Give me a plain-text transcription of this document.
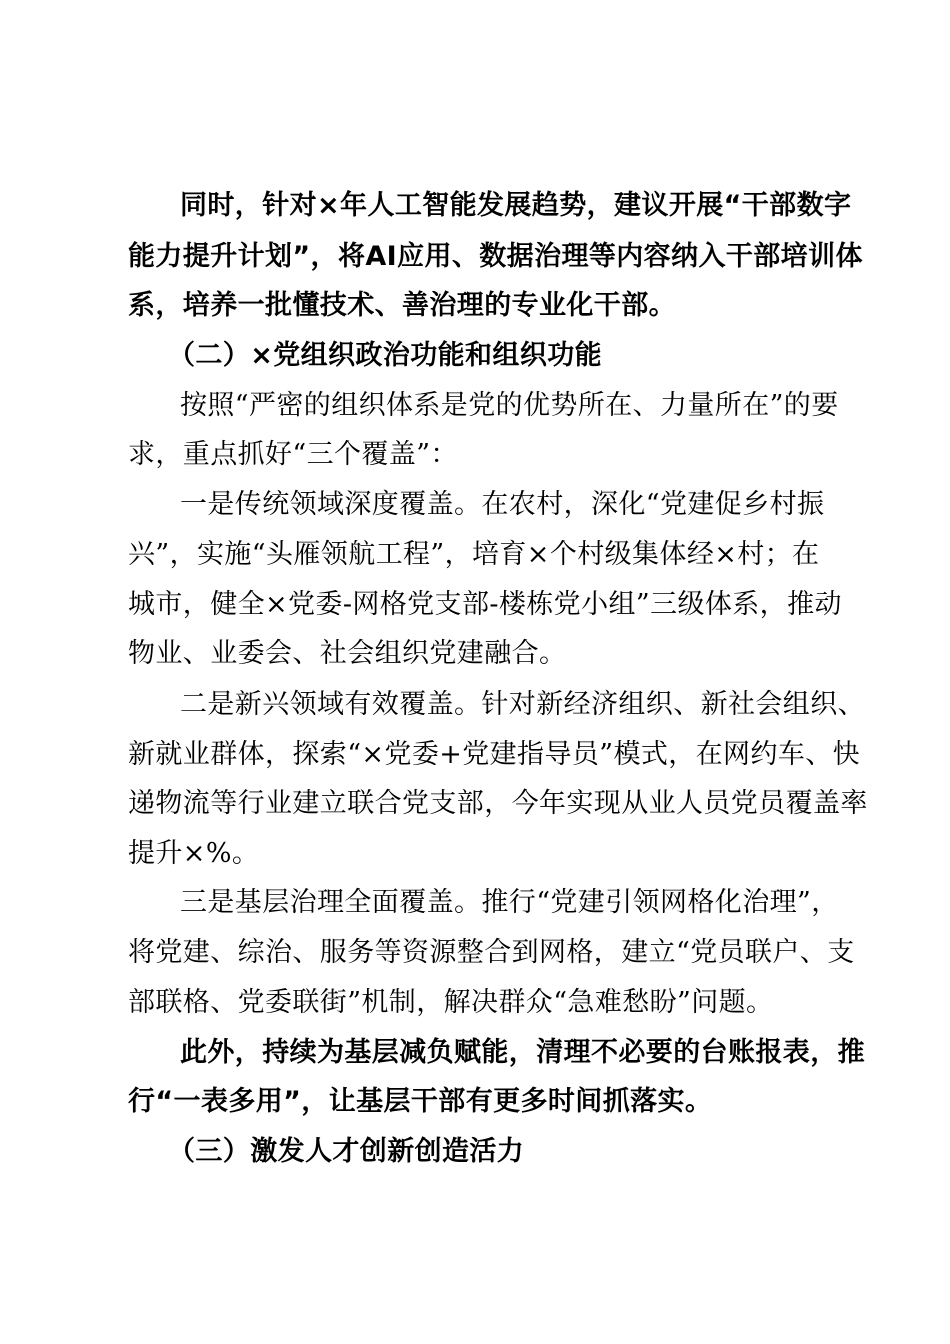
同时，针对×年人工智能发展趋势，建议开展“干部数字
能力提升计划”，将AI应用、数据治理等内容纳入干部培训体
系，培养一批懂技术、善治理的专业化干部。
（二）×党组织政治功能和组织功能
按照“严密的组织体系是党的优势所在、力量所在”的要
求，重点抓好“三个覆盖”：
一是传统领域深度覆盖。在农村，深化“党建促乡村振
兴”，实施“头雁领航工程”，培育×个村级集体经×村；在
城市，健全×党委-网格党支部-楼栋党小组”三级体系，推动
物业、业委会、社会组织党建融合。
二是新兴领域有效覆盖。针对新经济组织、新社会组织、
新就业群体，探索“×党委+党建指导员”模式，在网约车、快
递物流等行业建立联合党支部，今年实现从业人员党员覆盖率
提升×%。
三是基层治理全面覆盖。推行“党建引领网格化治理”，
将党建、综治、服务等资源整合到网格，建立“党员联户、支
部联格、党委联街”机制，解决群众“急难愁盼”问题。
此外，持续为基层减负赋能，清理不必要的台账报表，推
行“一表多用”，让基层干部有更多时间抓落实。
（三）激发人才创新创造活力
